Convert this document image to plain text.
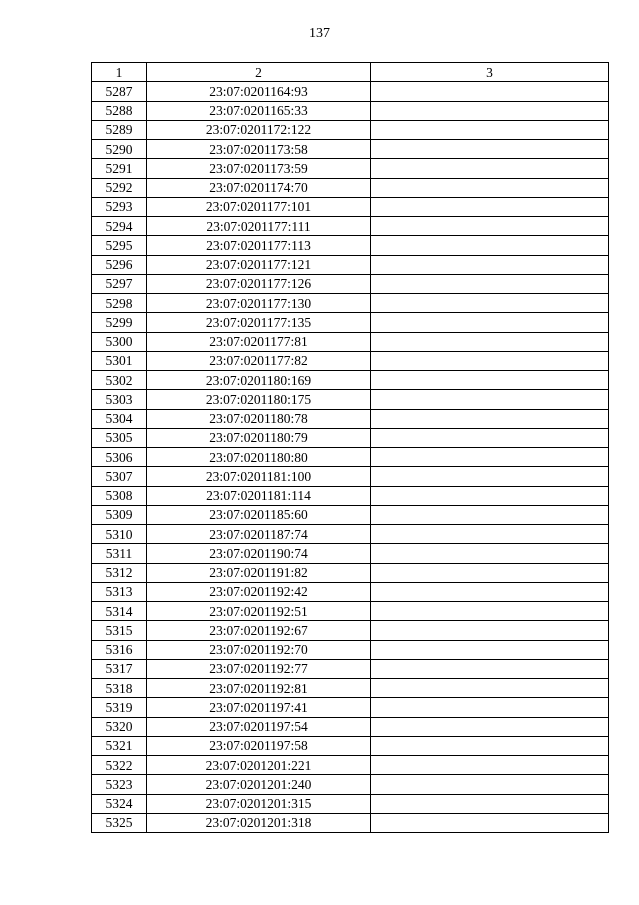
137
1	2	3
5287	23:07:0201164:93	
5288	23:07:0201165:33	
5289	23:07:0201172:122	
5290	23:07:0201173:58	
5291	23:07:0201173:59	
5292	23:07:0201174:70	
5293	23:07:0201177:101	
5294	23:07:0201177:111	
5295	23:07:0201177:113	
5296	23:07:0201177:121	
5297	23:07:0201177:126	
5298	23:07:0201177:130	
5299	23:07:0201177:135	
5300	23:07:0201177:81	
5301	23:07:0201177:82	
5302	23:07:0201180:169	
5303	23:07:0201180:175	
5304	23:07:0201180:78	
5305	23:07:0201180:79	
5306	23:07:0201180:80	
5307	23:07:0201181:100	
5308	23:07:0201181:114	
5309	23:07:0201185:60	
5310	23:07:0201187:74	
5311	23:07:0201190:74	
5312	23:07:0201191:82	
5313	23:07:0201192:42	
5314	23:07:0201192:51	
5315	23:07:0201192:67	
5316	23:07:0201192:70	
5317	23:07:0201192:77	
5318	23:07:0201192:81	
5319	23:07:0201197:41	
5320	23:07:0201197:54	
5321	23:07:0201197:58	
5322	23:07:0201201:221	
5323	23:07:0201201:240	
5324	23:07:0201201:315	
5325	23:07:0201201:318	
